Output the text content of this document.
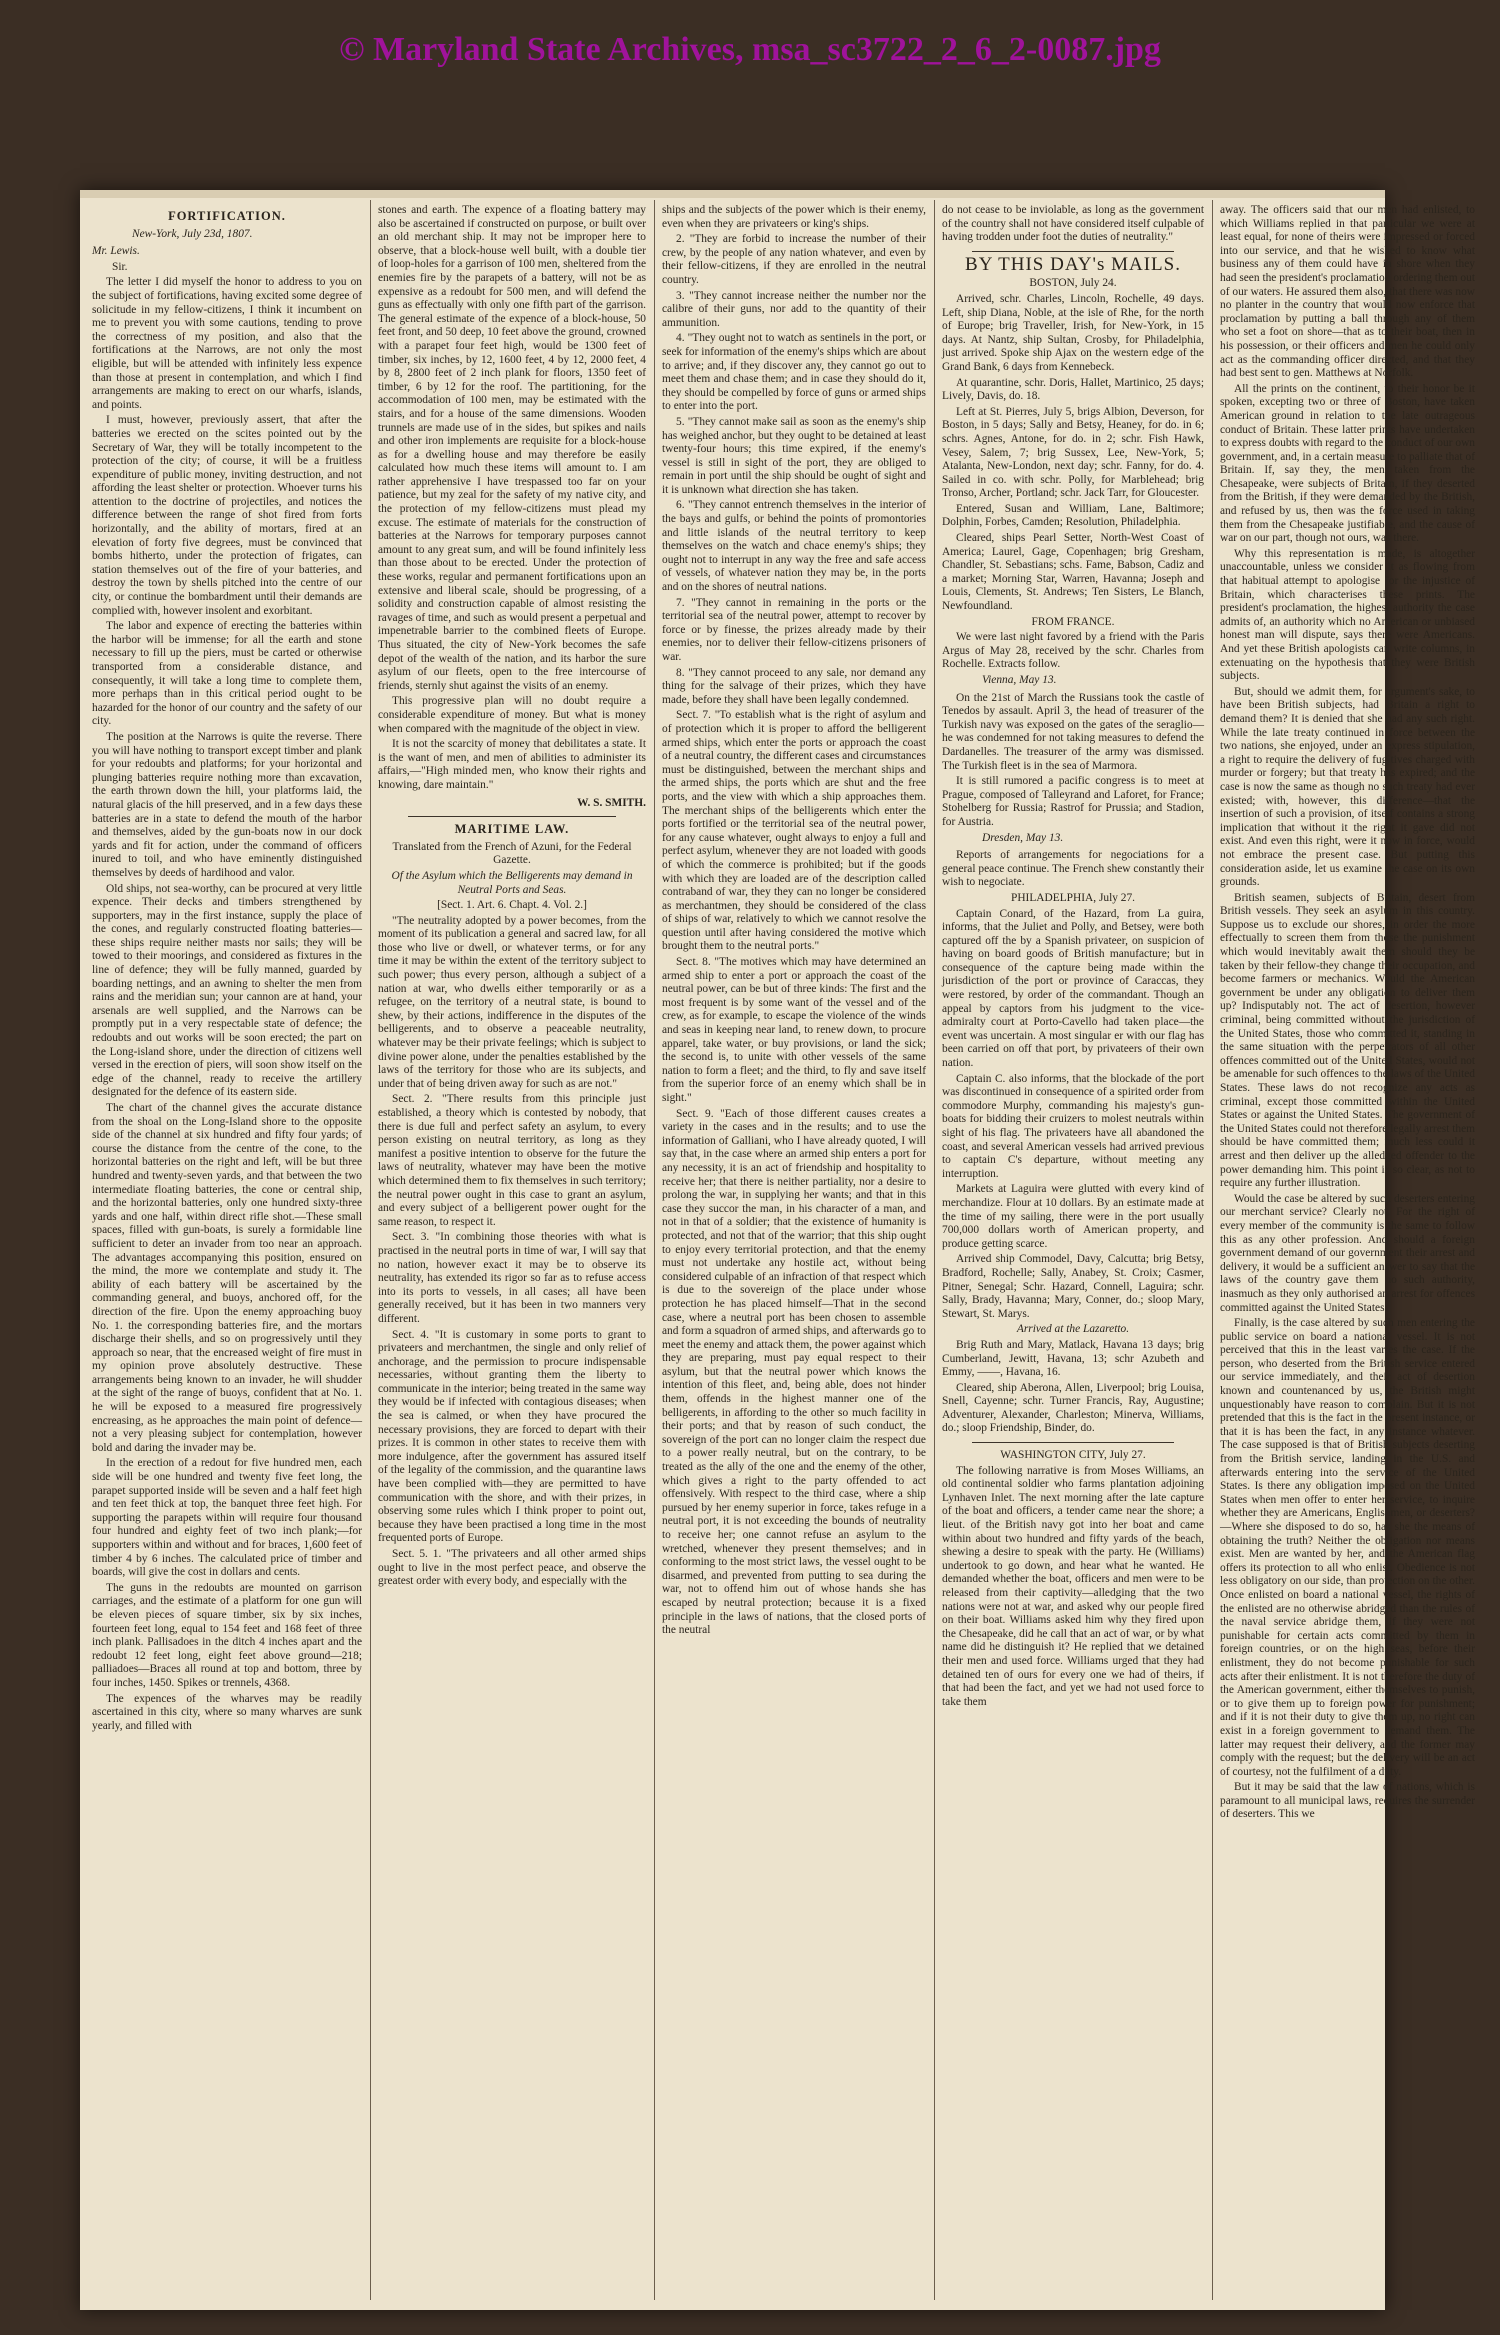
© Maryland State Archives, msa_sc3722_2_6_2-0087.jpg

FORTIFICATION.

New-York, July 23d, 1807.

Mr. Lewis.

Sir.

The letter I did myself the honor to address to you on the subject of fortifications, having excited some degree of solicitude in my fellow-citizens, I think it incumbent on me to prevent you with some cautions, tending to prove the correctness of my position, and also that the fortifications at the Narrows, are not only the most eligible, but will be attended with infinitely less expence than those at present in contemplation, and which I find arrangements are making to erect on our wharfs, islands, and points.

I must, however, previously assert, that after the batteries we erected on the scites pointed out by the Secretary of War, they will be totally incompetent to the protection of the city; of course, it will be a fruitless expenditure of public money, inviting destruction, and not affording the least shelter or protection. Whoever turns his attention to the doctrine of projectiles, and notices the difference between the range of shot fired from forts horizontally, and the ability of mortars, fired at an elevation of forty five degrees, must be convinced that bombs hitherto, under the protection of frigates, can station themselves out of the fire of your batteries, and destroy the town by shells pitched into the centre of our city, or continue the bombardment until their demands are complied with, however insolent and exorbitant.

The labor and expence of erecting the batteries within the harbor will be immense; for all the earth and stone necessary to fill up the piers, must be carted or otherwise transported from a considerable distance, and consequently, it will take a long time to complete them, more perhaps than in this critical period ought to be hazarded for the honor of our country and the safety of our city.

The position at the Narrows is quite the reverse. There you will have nothing to transport except timber and plank for your redoubts and platforms; for your horizontal and plunging batteries require nothing more than excavation, the earth thrown down the hill, your platforms laid, the natural glacis of the hill preserved, and in a few days these batteries are in a state to defend the mouth of the harbor and themselves, aided by the gun-boats now in our dock yards and fit for action, under the command of officers inured to toil, and who have eminently distinguished themselves by deeds of hardihood and valor.

Old ships, not sea-worthy, can be procured at very little expence. Their decks and timbers strengthened by supporters, may in the first instance, supply the place of the cones, and regularly constructed floating batteries—these ships require neither masts nor sails; they will be towed to their moorings, and considered as fixtures in the line of defence; they will be fully manned, guarded by boarding nettings, and an awning to shelter the men from rains and the meridian sun; your cannon are at hand, your arsenals are well supplied, and the Narrows can be promptly put in a very respectable state of defence; the redoubts and out works will be soon erected; the part on the Long-island shore, under the direction of citizens well versed in the erection of piers, will soon show itself on the edge of the channel, ready to receive the artillery designated for the defence of its eastern side.

The chart of the channel gives the accurate distance from the shoal on the Long-Island shore to the opposite side of the channel at six hundred and fifty four yards; of course the distance from the centre of the cone, to the horizontal batteries on the right and left, will be but three hundred and twenty-seven yards, and that between the two intermediate floating batteries, the cone or central ship, and the horizontal batteries, only one hundred sixty-three yards and one half, within direct rifle shot.—These small spaces, filled with gun-boats, is surely a formidable line sufficient to deter an invader from too near an approach. The advantages accompanying this position, ensured on the mind, the more we contemplate and study it. The ability of each battery will be ascertained by the commanding general, and buoys, anchored off, for the direction of the fire. Upon the enemy approaching buoy No. 1. the corresponding batteries fire, and the mortars discharge their shells, and so on progressively until they approach so near, that the encreased weight of fire must in my opinion prove absolutely destructive. These arrangements being known to an invader, he will shudder at the sight of the range of buoys, confident that at No. 1. he will be exposed to a measured fire progressively encreasing, as he approaches the main point of defence—not a very pleasing subject for contemplation, however bold and daring the invader may be.

In the erection of a redout for five hundred men, each side will be one hundred and twenty five feet long, the parapet supported inside will be seven and a half feet high and ten feet thick at top, the banquet three feet high. For supporting the parapets within will require four thousand four hundred and eighty feet of two inch plank;—for supporters within and without and for braces, 1,600 feet of timber 4 by 6 inches. The calculated price of timber and boards, will give the cost in dollars and cents.

The guns in the redoubts are mounted on garrison carriages, and the estimate of a platform for one gun will be eleven pieces of square timber, six by six inches, fourteen feet long, equal to 154 feet and 168 feet of three inch plank. Pallisadoes in the ditch 4 inches apart and the redoubt 12 feet long, eight feet above ground—218; palliadoes—Braces all round at top and bottom, three by four inches, 1450. Spikes or trennels, 4368.

The expences of the wharves may be readily ascertained in this city, where so many wharves are sunk yearly, and filled with

stones and earth. The expence of a floating battery may also be ascertained if constructed on purpose, or built over an old merchant ship. It may not be improper here to observe, that a block-house well built, with a double tier of loop-holes for a garrison of 100 men, sheltered from the enemies fire by the parapets of a battery, will not be as expensive as a redoubt for 500 men, and will defend the guns as effectually with only one fifth part of the garrison. The general estimate of the expence of a block-house, 50 feet front, and 50 deep, 10 feet above the ground, crowned with a parapet four feet high, would be 1300 feet of timber, six inches, by 12, 1600 feet, 4 by 12, 2000 feet, 4 by 8, 2800 feet of 2 inch plank for floors, 1350 feet of timber, 6 by 12 for the roof. The partitioning, for the accommodation of 100 men, may be estimated with the stairs, and for a house of the same dimensions. Wooden trunnels are made use of in the sides, but spikes and nails and other iron implements are requisite for a block-house as for a dwelling house and may therefore be easily calculated how much these items will amount to. I am rather apprehensive I have trespassed too far on your patience, but my zeal for the safety of my native city, and the protection of my fellow-citizens must plead my excuse. The estimate of materials for the construction of batteries at the Narrows for temporary purposes cannot amount to any great sum, and will be found infinitely less than those about to be erected. Under the protection of these works, regular and permanent fortifications upon an extensive and liberal scale, should be progressing, of a solidity and construction capable of almost resisting the ravages of time, and such as would present a perpetual and impenetrable barrier to the combined fleets of Europe. Thus situated, the city of New-York becomes the safe depot of the wealth of the nation, and its harbor the sure asylum of our fleets, open to the free intercourse of friends, sternly shut against the visits of an enemy.

This progressive plan will no doubt require a considerable expenditure of money. But what is money when compared with the magnitude of the object in view.

It is not the scarcity of money that debilitates a state. It is the want of men, and men of abilities to administer its affairs,—"High minded men, who know their rights and knowing, dare maintain."

W. S. SMITH.

MARITIME LAW.

Translated from the French of Azuni, for the Federal Gazette.

Of the Asylum which the Belligerents may demand in Neutral Ports and Seas.

[Sect. 1. Art. 6. Chapt. 4. Vol. 2.]

"The neutrality adopted by a power becomes, from the moment of its publication a general and sacred law, for all those who live or dwell, or whatever terms, or for any time it may be within the extent of the territory subject to such power; thus every person, although a subject of a nation at war, who dwells either temporarily or as a refugee, on the territory of a neutral state, is bound to shew, by their actions, indifference in the disputes of the belligerents, and to observe a peaceable neutrality, whatever may be their private feelings; which is subject to divine power alone, under the penalties established by the laws of the territory for those who are its subjects, and under that of being driven away for such as are not."

Sect. 2. "There results from this principle just established, a theory which is contested by nobody, that there is due full and perfect safety an asylum, to every person existing on neutral territory, as long as they manifest a positive intention to observe for the future the laws of neutrality, whatever may have been the motive which determined them to fix themselves in such territory; the neutral power ought in this case to grant an asylum, and every subject of a belligerent power ought for the same reason, to respect it.

Sect. 3. "In combining those theories with what is practised in the neutral ports in time of war, I will say that no nation, however exact it may be to observe its neutrality, has extended its rigor so far as to refuse access into its ports to vessels, in all cases; all have been generally received, but it has been in two manners very different.

Sect. 4. "It is customary in some ports to grant to privateers and merchantmen, the single and only relief of anchorage, and the permission to procure indispensable necessaries, without granting them the liberty to communicate in the interior; being treated in the same way they would be if infected with contagious diseases; when the sea is calmed, or when they have procured the necessary provisions, they are forced to depart with their prizes. It is common in other states to receive them with more indulgence, after the government has assured itself of the legality of the commission, and the quarantine laws have been complied with—they are permitted to have communication with the shore, and with their prizes, in observing some rules which I think proper to point out, because they have been practised a long time in the most frequented ports of Europe.

Sect. 5. 1. "The privateers and all other armed ships ought to live in the most perfect peace, and observe the greatest order with every body, and especially with the

ships and the subjects of the power which is their enemy, even when they are privateers or king's ships.

2. "They are forbid to increase the number of their crew, by the people of any nation whatever, and even by their fellow-citizens, if they are enrolled in the neutral country.

3. "They cannot increase neither the number nor the calibre of their guns, nor add to the quantity of their ammunition.

4. "They ought not to watch as sentinels in the port, or seek for information of the enemy's ships which are about to arrive; and, if they discover any, they cannot go out to meet them and chase them; and in case they should do it, they should be compelled by force of guns or armed ships to enter into the port.

5. "They cannot make sail as soon as the enemy's ship has weighed anchor, but they ought to be detained at least twenty-four hours; this time expired, if the enemy's vessel is still in sight of the port, they are obliged to remain in port until the ship should be ought of sight and it is unknown what direction she has taken.

6. "They cannot entrench themselves in the interior of the bays and gulfs, or behind the points of promontories and little islands of the neutral territory to keep themselves on the watch and chace enemy's ships; they ought not to interrupt in any way the free and safe access of vessels, of whatever nation they may be, in the ports and on the shores of neutral nations.

7. "They cannot in remaining in the ports or the territorial sea of the neutral power, attempt to recover by force or by finesse, the prizes already made by their enemies, nor to deliver their fellow-citizens prisoners of war.

8. "They cannot proceed to any sale, nor demand any thing for the salvage of their prizes, which they have made, before they shall have been legally condemned.

Sect. 7. "To establish what is the right of asylum and of protection which it is proper to afford the belligerent armed ships, which enter the ports or approach the coast of a neutral country, the different cases and circumstances must be distinguished, between the merchant ships and the armed ships, the ports which are shut and the free ports, and the view with which a ship approaches them. The merchant ships of the belligerents which enter the ports fortified or the territorial sea of the neutral power, for any cause whatever, ought always to enjoy a full and perfect asylum, whenever they are not loaded with goods of which the commerce is prohibited; but if the goods with which they are loaded are of the description called contraband of war, they they can no longer be considered as merchantmen, they should be considered of the class of ships of war, relatively to which we cannot resolve the question until after having considered the motive which brought them to the neutral ports."

Sect. 8. "The motives which may have determined an armed ship to enter a port or approach the coast of the neutral power, can be but of three kinds: The first and the most frequent is by some want of the vessel and of the crew, as for example, to escape the violence of the winds and seas in keeping near land, to renew down, to procure apparel, take water, or buy provisions, or land the sick; the second is, to unite with other vessels of the same nation to form a fleet; and the third, to fly and save itself from the superior force of an enemy which shall be in sight."

Sect. 9. "Each of those different causes creates a variety in the cases and in the results; and to use the information of Galliani, who I have already quoted, I will say that, in the case where an armed ship enters a port for any necessity, it is an act of friendship and hospitality to receive her; that there is neither partiality, nor a desire to prolong the war, in supplying her wants; and that in this case they succor the man, in his character of a man, and not in that of a soldier; that the existence of humanity is protected, and not that of the warrior; that this ship ought to enjoy every territorial protection, and that the enemy must not undertake any hostile act, without being considered culpable of an infraction of that respect which is due to the sovereign of the place under whose protection he has placed himself—That in the second case, where a neutral port has been chosen to assemble and form a squadron of armed ships, and afterwards go to meet the enemy and attack them, the power against which they are preparing, must pay equal respect to their asylum, but that the neutral power which knows the intention of this fleet, and, being able, does not hinder them, offends in the highest manner one of the belligerents, in affording to the other so much facility in their ports; and that by reason of such conduct, the sovereign of the port can no longer claim the respect due to a power really neutral, but on the contrary, to be treated as the ally of the one and the enemy of the other, which gives a right to the party offended to act offensively. With respect to the third case, where a ship pursued by her enemy superior in force, takes refuge in a neutral port, it is not exceeding the bounds of neutrality to receive her; one cannot refuse an asylum to the wretched, whenever they present themselves; and in conforming to the most strict laws, the vessel ought to be disarmed, and prevented from putting to sea during the war, not to offend him out of whose hands she has escaped by neutral protection; because it is a fixed principle in the laws of nations, that the closed ports of the neutral

do not cease to be inviolable, as long as the government of the country shall not have considered itself culpable of having trodden under foot the duties of neutrality."

BY THIS DAY's MAILS.

BOSTON, July 24.

Arrived, schr. Charles, Lincoln, Rochelle, 49 days. Left, ship Diana, Noble, at the isle of Rhe, for the north of Europe; brig Traveller, Irish, for New-York, in 15 days. At Nantz, ship Sultan, Crosby, for Philadelphia, just arrived. Spoke ship Ajax on the western edge of the Grand Bank, 6 days from Kennebeck.

At quarantine, schr. Doris, Hallet, Martinico, 25 days; Lively, Davis, do. 18.

Left at St. Pierres, July 5, brigs Albion, Deverson, for Boston, in 5 days; Sally and Betsy, Heaney, for do. in 6; schrs. Agnes, Antone, for do. in 2; schr. Fish Hawk, Vesey, Salem, 7; brig Sussex, Lee, New-York, 5; Atalanta, New-London, next day; schr. Fanny, for do. 4. Sailed in co. with schr. Polly, for Marblehead; brig Tronso, Archer, Portland; schr. Jack Tarr, for Gloucester.

Entered, Susan and William, Lane, Baltimore; Dolphin, Forbes, Camden; Resolution, Philadelphia.

Cleared, ships Pearl Setter, North-West Coast of America; Laurel, Gage, Copenhagen; brig Gresham, Chandler, St. Sebastians; schs. Fame, Babson, Cadiz and a market; Morning Star, Warren, Havanna; Joseph and Louis, Clements, St. Andrews; Ten Sisters, Le Blanch, Newfoundland.

FROM FRANCE.

We were last night favored by a friend with the Paris Argus of May 28, received by the schr. Charles from Rochelle. Extracts follow.

Vienna, May 13.

On the 21st of March the Russians took the castle of Tenedos by assault. April 3, the head of treasurer of the Turkish navy was exposed on the gates of the seraglio—he was condemned for not taking measures to defend the Dardanelles. The treasurer of the army was dismissed. The Turkish fleet is in the sea of Marmora.

It is still rumored a pacific congress is to meet at Prague, composed of Talleyrand and Laforet, for France; Stohelberg for Russia; Rastrof for Prussia; and Stadion, for Austria.

Dresden, May 13.

Reports of arrangements for negociations for a general peace continue. The French shew constantly their wish to negociate.

PHILADELPHIA, July 27.

Captain Conard, of the Hazard, from La guira, informs, that the Juliet and Polly, and Betsey, were both captured off the by a Spanish privateer, on suspicion of having on board goods of British manufacture; but in consequence of the capture being made within the jurisdiction of the port or province of Caraccas, they were restored, by order of the commandant. Though an appeal by captors from his judgment to the vice-admiralty court at Porto-Cavello had taken place—the event was uncertain. A most singular er with our flag has been carried on off that port, by privateers of their own nation.

Captain C. also informs, that the blockade of the port was discontinued in consequence of a spirited order from commodore Murphy, commanding his majesty's gun-boats for bidding their cruizers to molest neutrals within sight of his flag. The privateers have all abandoned the coast, and several American vessels had arrived previous to captain C's departure, without meeting any interruption.

Markets at Laguira were glutted with every kind of merchandize. Flour at 10 dollars. By an estimate made at the time of my sailing, there were in the port usually 700,000 dollars worth of American property, and produce getting scarce.

Arrived ship Commodel, Davy, Calcutta; brig Betsy, Bradford, Rochelle; Sally, Anabey, St. Croix; Casmer, Pitner, Senegal; Schr. Hazard, Connell, Laguira; schr. Sally, Brady, Havanna; Mary, Conner, do.; sloop Mary, Stewart, St. Marys.

Arrived at the Lazaretto.

Brig Ruth and Mary, Matlack, Havana 13 days; brig Cumberland, Jewitt, Havana, 13; schr Azubeth and Emmy, ——, Havana, 16.

Cleared, ship Aberona, Allen, Liverpool; brig Louisa, Snell, Cayenne; schr. Turner Francis, Ray, Augustine; Adventurer, Alexander, Charleston; Minerva, Williams, do.; sloop Friendship, Binder, do.

WASHINGTON CITY, July 27.

The following narrative is from Moses Williams, an old continental soldier who farms plantation adjoining Lynhaven Inlet. The next morning after the late capture of the boat and officers, a tender came near the shore; a lieut. of the British navy got into her boat and came within about two hundred and fifty yards of the beach, shewing a desire to speak with the party. He (Williams) undertook to go down, and hear what he wanted. He demanded whether the boat, officers and men were to be released from their captivity—alledging that the two nations were not at war, and asked why our people fired on their boat. Williams asked him why they fired upon the Chesapeake, did he call that an act of war, or by what name did he distinguish it? He replied that we detained their men and used force. Williams urged that they had detained ten of ours for every one we had of theirs, if that had been the fact, and yet we had not used force to take them

away. The officers said that our men had enlisted, to which Williams replied in that particular we were at least equal, for none of theirs were impressed or forced into our service, and that he wished to know what business any of them could have in shore when they had seen the president's proclamation ordering them out of our waters. He assured them also, that there was now no planter in the country that would now enforce that proclamation by putting a ball through any of them who set a foot on shore—that as to their boat, then in his possession, or their officers and men he could only act as the commanding officer directed, and that they had best sent to gen. Matthews at Norfolk.

All the prints on the continent, to their honor be it spoken, excepting two or three of Boston, have taken American ground in relation to the late outrageous conduct of Britain. These latter prints have undertaken to express doubts with regard to the conduct of our own government, and, in a certain measure to palliate that of Britain. If, say they, the men taken from the Chesapeake, were subjects of Britain, if they deserted from the British, if they were demanded by the British, and refused by us, then was the force used in taking them from the Chesapeake justifiable, and the cause of war on our part, though not ours, was there.

Why this representation is made, is altogether unaccountable, unless we consider it as flowing from that habitual attempt to apologise for the injustice of Britain, which characterises these prints. The president's proclamation, the highest authority the case admits of, an authority which no American or unbiased honest man will dispute, says there were Americans. And yet these British apologists can write columns, in extenuating on the hypothesis that they were British subjects.

But, should we admit them, for argument's sake, to have been British subjects, had Britain a right to demand them? It is denied that she had any such right. While the late treaty continued in force between the two nations, she enjoyed, under an express stipulation, a right to require the delivery of fugitives charged with murder or forgery; but that treaty has expired; and the case is now the same as though no such treaty had ever existed; with, however, this difference—that the insertion of such a provision, of itself contains a strong implication that without it the right it gave did not exist. And even this right, were it now in force, would not embrace the present case. But putting this consideration aside, let us examine the case on its own grounds.

British seamen, subjects of Britain, desert from British vessels. They seek an asylum in this country. Suppose us to exclude our shores, in order the more effectually to screen them from those the punishment which would inevitably await them should they be taken by their fellow-they change their occupation, and become farmers or mechanics. Would the American government be under any obligation to deliver them up? Indisputably not. The act of desertion, however criminal, being committed without the jurisdiction of the United States, those who committed it, standing in the same situation with the perpetrators of all other offences committed out of the United States, would not be amenable for such offences to the laws of the United States. These laws do not recognize any acts as criminal, except those committed within the United States or against the United States. The government of the United States could not therefore legally arrest them should be have committed them; much less could it arrest and then deliver up the alledged offender to the power demanding him. This point is so clear, as not to require any further illustration.

Would the case be altered by such deserters entering our merchant service? Clearly not. For the right of every member of the community is the same to follow this as any other profession. And should a foreign government demand of our government their arrest and delivery, it would be a sufficient answer to say that the laws of the country gave them no such authority, inasmuch as they only authorised an arrest for offences committed against the United States.

Finally, is the case altered by such men entering the public service on board a national vessel. It is not perceived that this in the least varies the case. If the person, who deserted from the British service entered our service immediately, and their act of desertion known and countenanced by us, the British might unquestionably have reason to complain. But it is not pretended that this is the fact in the present instance, or that it is has been the fact, in any instance whatever. The case supposed is that of British subjects deserting from the British service, landing in the U.S. and afterwards entering into the service of the United States. Is there any obligation imposed on the United States when men offer to enter her service, to inquire whether they are Americans, Englishmen, or deserters?—Where she disposed to do so, has she the means of obtaining the truth? Neither the obligation nor means exist. Men are wanted by her, and the American flag offers its protection to all who enlist. Obedience is not less obligatory on our side, than protection on the other. Once enlisted on board a national vessel, the rights of the enlisted are no otherwise abridged than the rules of the naval service abridge them, if they were not punishable for certain acts committed by them in foreign countries, or on the high seas, before their enlistment, they do not become punishable for such acts after their enlistment. It is not therefore the duty of the American government, either themselves to punish, or to give them up to foreign power for punishment; and if it is not their duty to give them up, no right can exist in a foreign government to demand them. The latter may request their delivery, and the former may comply with the request; but the delivery will be an act of courtesy, not the fulfilment of a duty.

But it may be said that the law of nations, which is paramount to all municipal laws, requires the surrender of deserters. This we
